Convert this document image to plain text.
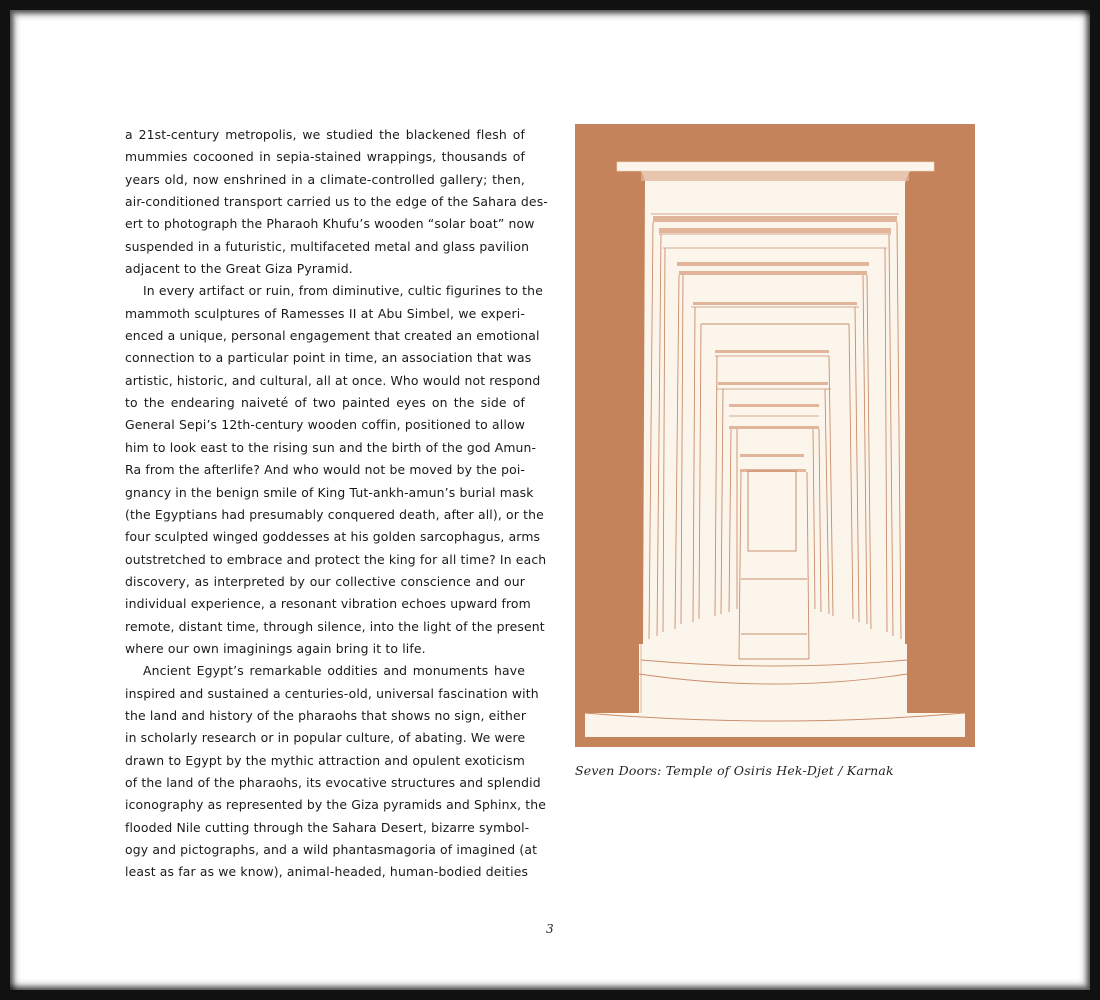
a 21st-century metropolis, we studied the blackened flesh of
mummies cocooned in sepia-stained wrappings, thousands of
years old, now enshrined in a climate-controlled gallery; then,
air-conditioned transport carried us to the edge of the Sahara des-
ert to photograph the Pharaoh Khufu’s wooden “solar boat” now
suspended in a futuristic, multifaceted metal and glass pavilion
adjacent to the Great Giza Pyramid.

In every artifact or ruin, from diminutive, cultic figurines to the
mammoth sculptures of Ramesses II at Abu Simbel, we experi-
enced a unique, personal engagement that created an emotional
connection to a particular point in time, an association that was
artistic, historic, and cultural, all at once. Who would not respond
to the endearing naiveté of two painted eyes on the side of
General Sepi’s 12th-century wooden coffin, positioned to allow
him to look east to the rising sun and the birth of the god Amun-
Ra from the afterlife? And who would not be moved by the poi-
gnancy in the benign smile of King Tut-ankh-amun’s burial mask
(the Egyptians had presumably conquered death, after all), or the
four sculpted winged goddesses at his golden sarcophagus, arms
outstretched to embrace and protect the king for all time? In each
discovery, as interpreted by our collective conscience and our
individual experience, a resonant vibration echoes upward from
remote, distant time, through silence, into the light of the present
where our own imaginings again bring it to life.

Ancient Egypt’s remarkable oddities and monuments have
inspired and sustained a centuries-old, universal fascination with
the land and history of the pharaohs that shows no sign, either
in scholarly research or in popular culture, of abating. We were
drawn to Egypt by the mythic attraction and opulent exoticism
of the land of the pharaohs, its evocative structures and splendid
iconography as represented by the Giza pyramids and Sphinx, the
flooded Nile cutting through the Sahara Desert, bizarre symbol-
ogy and pictographs, and a wild phantasmagoria of imagined (at
least as far as we know), animal-headed, human-bodied deities

Seven Doors: Temple of Osiris Hek-Djet / Karnak
3
